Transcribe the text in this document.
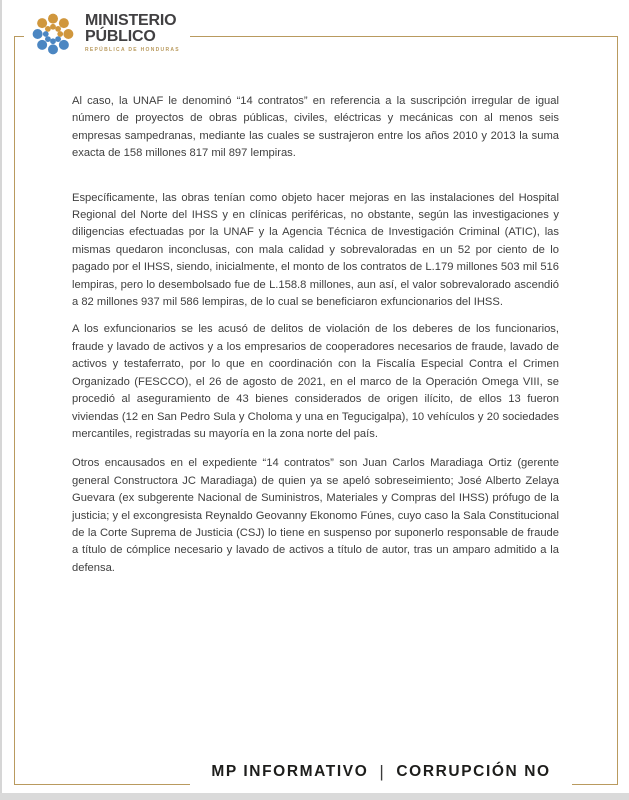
MINISTERIO
PÚBLICO
REPÚBLICA DE HONDURAS

Al caso, la UNAF le denominó “14 contratos” en referencia a la suscripción irregular de igual número de proyectos de obras públicas, civiles, eléctricas y mecánicas con al menos seis empresas sampedranas, mediante las cuales se sustrajeron entre los años 2010 y 2013 la suma exacta de 158 millones 817 mil 897 lempiras.

Específicamente, las obras tenían como objeto hacer mejoras en las instalaciones del Hospital Regional del Norte del IHSS y en clínicas periféricas, no obstante, según las investigaciones y diligencias efectuadas por la UNAF y la Agencia Técnica de Investigación Criminal (ATIC), las mismas quedaron inconclusas, con mala calidad y sobrevaloradas en un 52 por ciento de lo pagado por el IHSS, siendo, inicialmente, el monto de los contratos de L.179 millones 503 mil 516 lempiras, pero lo desembolsado fue de L.158.8 millones, aun así, el valor sobrevalorado ascendió a 82 millones 937 mil 586 lempiras, de lo cual se beneficiaron exfuncionarios del IHSS.

A los exfuncionarios se les acusó de delitos de violación de los deberes de los funcionarios, fraude y lavado de activos y a los empresarios de cooperadores necesarios de fraude, lavado de activos y testaferrato, por lo que en coordinación con la Fiscalía Especial Contra el Crimen Organizado (FESCCO), el 26 de agosto de 2021, en el marco de la Operación Omega VIII, se procedió al aseguramiento de 43 bienes considerados de origen ilícito, de ellos 13 fueron viviendas (12 en San Pedro Sula y Choloma y una en Tegucigalpa), 10 vehículos y 20 sociedades mercantiles, registradas su mayoría en la zona norte del país.

Otros encausados en el expediente “14 contratos” son Juan Carlos Maradiaga Ortiz (gerente general Constructora JC Maradiaga) de quien ya se apeló sobreseimiento; José Alberto Zelaya Guevara (ex subgerente Nacional de Suministros, Materiales y Compras del IHSS) prófugo de la justicia; y el excongresista Reynaldo Geovanny Ekonomo Fúnes, cuyo caso la Sala Constitucional de la Corte Suprema de Justicia (CSJ) lo tiene en suspenso por suponerlo responsable de fraude a título de cómplice necesario y lavado de activos a título de autor, tras un amparo admitido a la defensa.

MP INFORMATIVO | CORRUPCIÓN NO
